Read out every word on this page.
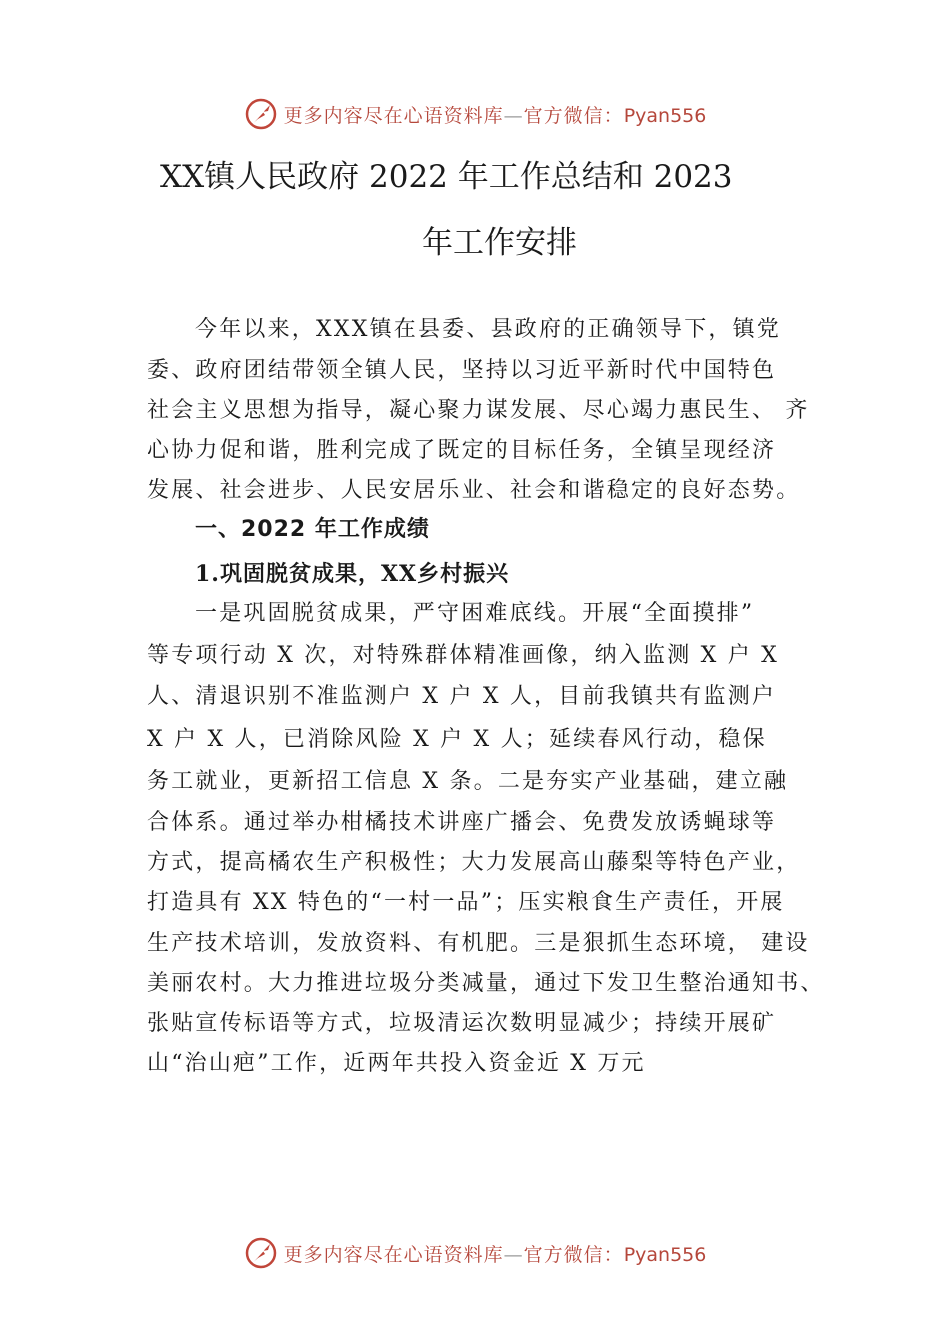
更多内容尽在心语资料库—官方微信：Pyan556
XX镇人民政府 2022 年工作总结和 2023
年工作安排
今年以来，XXX镇在县委、县政府的正确领导下，镇党
委、政府团结带领全镇人民，坚持以习近平新时代中国特色
社会主义思想为指导，凝心聚力谋发展、尽心竭力惠民生、 齐
心协力促和谐，胜利完成了既定的目标任务，全镇呈现经济
发展、社会进步、人民安居乐业、社会和谐稳定的良好态势。
一、2022 年工作成绩
1.巩固脱贫成果，XX乡村振兴
一是巩固脱贫成果，严守困难底线。开展“全面摸排”
等专项行动 X 次，对特殊群体精准画像，纳入监测 X 户 X
人、清退识别不准监测户 X 户 X 人，目前我镇共有监测户
X 户 X 人，已消除风险 X 户 X 人；延续春风行动，稳保
务工就业，更新招工信息 X 条。二是夯实产业基础，建立融
合体系。通过举办柑橘技术讲座广播会、免费发放诱蝇球等
方式，提高橘农生产积极性；大力发展高山藤梨等特色产业，
打造具有 XX 特色的“一村一品”；压实粮食生产责任，开展
生产技术培训，发放资料、有机肥。三是狠抓生态环境， 建设
美丽农村。大力推进垃圾分类减量，通过下发卫生整治通知书、
张贴宣传标语等方式，垃圾清运次数明显减少；持续开展矿
山“治山疤”工作，近两年共投入资金近 X 万元
更多内容尽在心语资料库—官方微信：Pyan556
